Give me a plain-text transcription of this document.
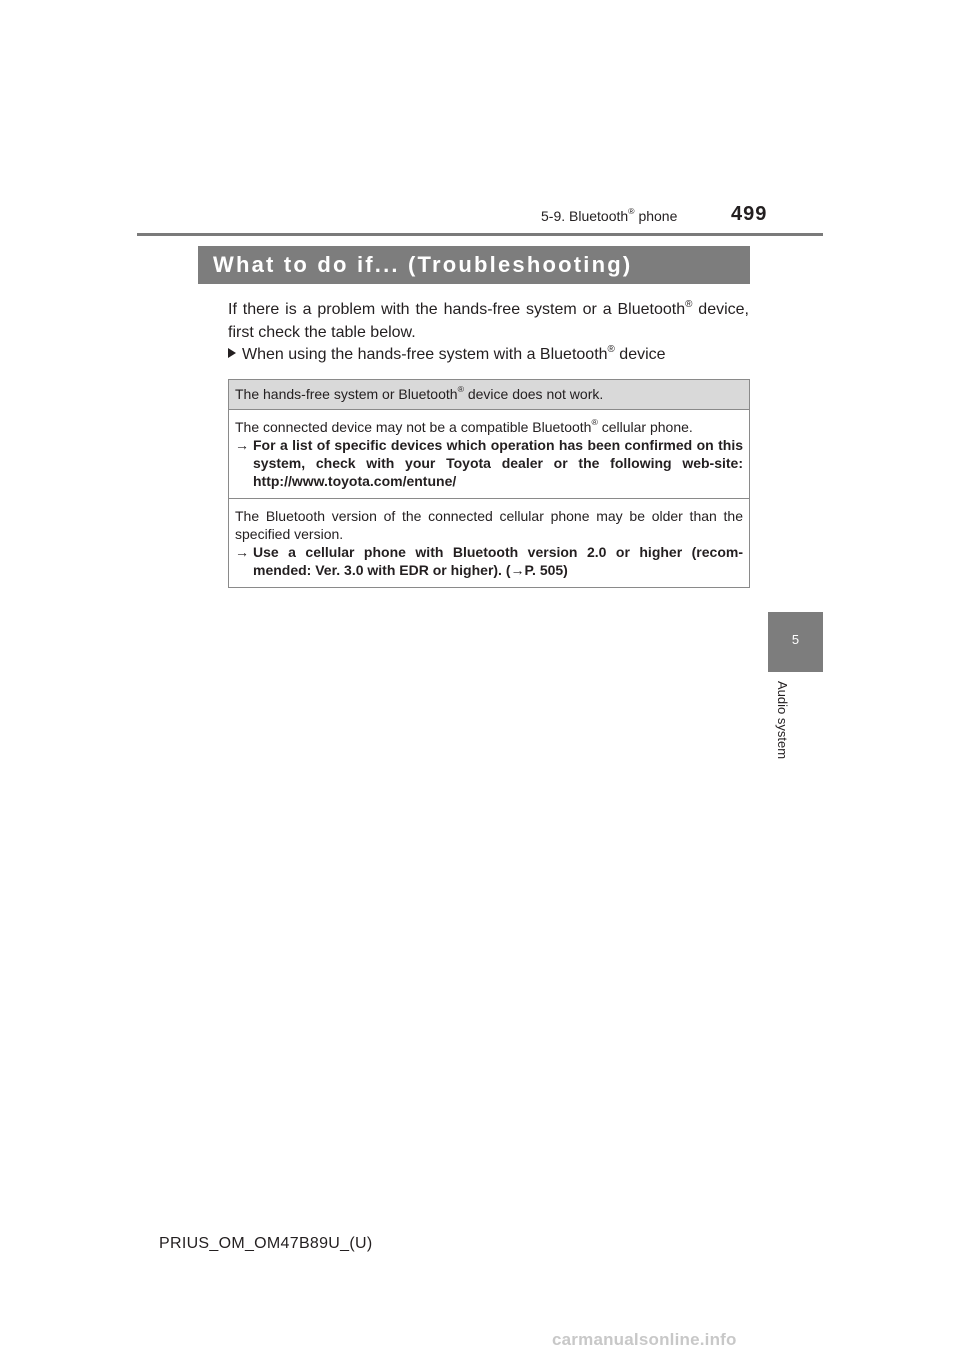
5-9. Bluetooth® phone	499
What to do if... (Troubleshooting)
If there is a problem with the hands-free system or a Bluetooth® device, first check the table below.
When using the hands-free system with a Bluetooth® device
The hands-free system or Bluetooth® device does not work.
The connected device may not be a compatible Bluetooth® cellular phone.
→ For a list of specific devices which operation has been confirmed on this system, check with your Toyota dealer or the following web-site: http://www.toyota.com/entune/
The Bluetooth version of the connected cellular phone may be older than the specified version.
→ Use a cellular phone with Bluetooth version 2.0 or higher (recom-mended: Ver. 3.0 with EDR or higher). (→P. 505)
5
Audio system
PRIUS_OM_OM47B89U_(U)
carmanualsonline.info
